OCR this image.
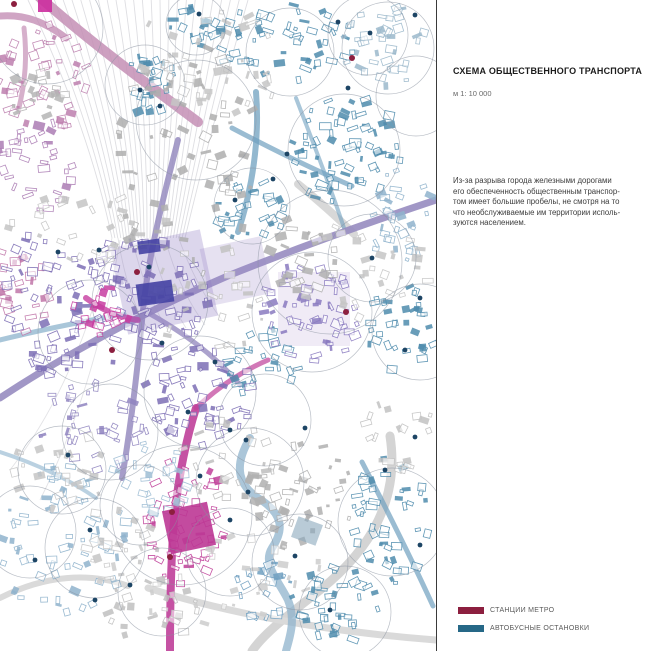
СХЕМА ОБЩЕСТВЕННОГО ТРАНСПОРТА
м 1: 10 000
Из-за разрыва города железными дорогами
его обеспеченность общественным транспор-
том имеет большие пробелы, не смотря на то
что необслуживаемые им территории исполь-
зуются населением.
СТАНЦИИ МЕТРО
АВТОБУСНЫЕ ОСТАНОВКИ
